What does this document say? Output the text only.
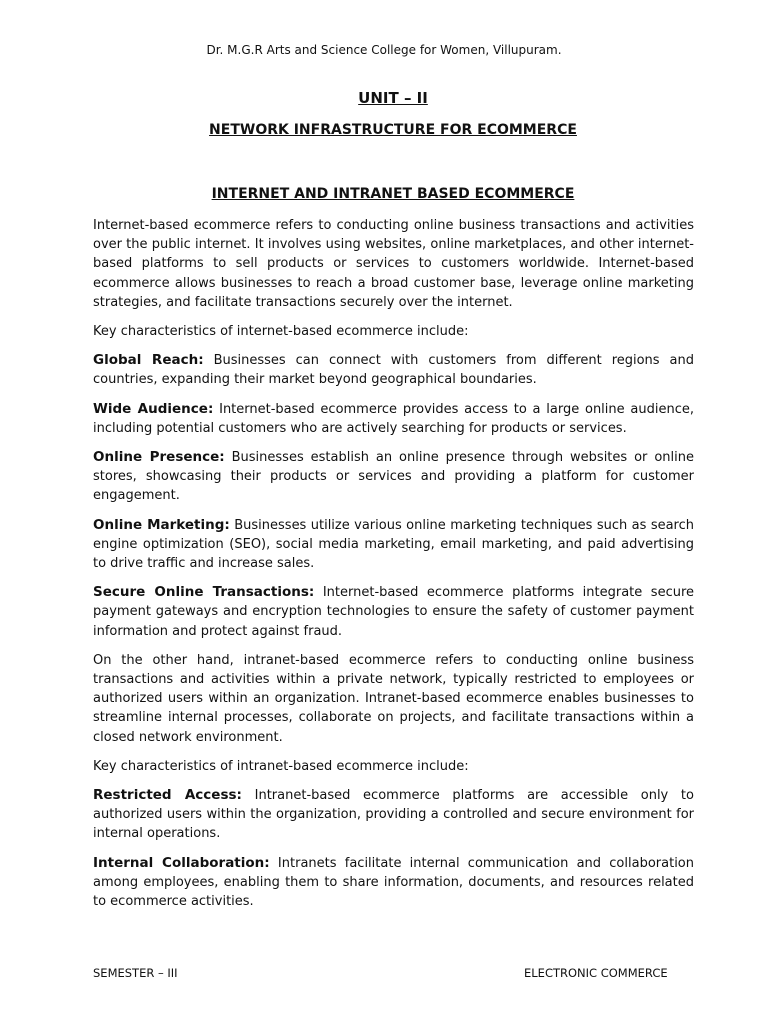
Dr. M.G.R Arts and Science College for Women, Villupuram.
UNIT – II
NETWORK INFRASTRUCTURE FOR ECOMMERCE
INTERNET AND INTRANET BASED ECOMMERCE

Internet-based ecommerce refers to conducting online business transactions and activities over the public internet. It involves using websites, online marketplaces, and other internet-based platforms to sell products or services to customers worldwide. Internet-based ecommerce allows businesses to reach a broad customer base, leverage online marketing strategies, and facilitate transactions securely over the internet.

Key characteristics of internet-based ecommerce include:

Global Reach: Businesses can connect with customers from different regions and countries, expanding their market beyond geographical boundaries.

Wide Audience: Internet-based ecommerce provides access to a large online audience, including potential customers who are actively searching for products or services.

Online Presence: Businesses establish an online presence through websites or online stores, showcasing their products or services and providing a platform for customer engagement.

Online Marketing: Businesses utilize various online marketing techniques such as search engine optimization (SEO), social media marketing, email marketing, and paid advertising to drive traffic and increase sales.

Secure Online Transactions: Internet-based ecommerce platforms integrate secure payment gateways and encryption technologies to ensure the safety of customer payment information and protect against fraud.

On the other hand, intranet-based ecommerce refers to conducting online business transactions and activities within a private network, typically restricted to employees or authorized users within an organization. Intranet-based ecommerce enables businesses to streamline internal processes, collaborate on projects, and facilitate transactions within a closed network environment.

Key characteristics of intranet-based ecommerce include:

Restricted Access: Intranet-based ecommerce platforms are accessible only to authorized users within the organization, providing a controlled and secure environment for internal operations.

Internal Collaboration: Intranets facilitate internal communication and collaboration among employees, enabling them to share information, documents, and resources related to ecommerce activities.

SEMESTER – III	ELECTRONIC COMMERCE
